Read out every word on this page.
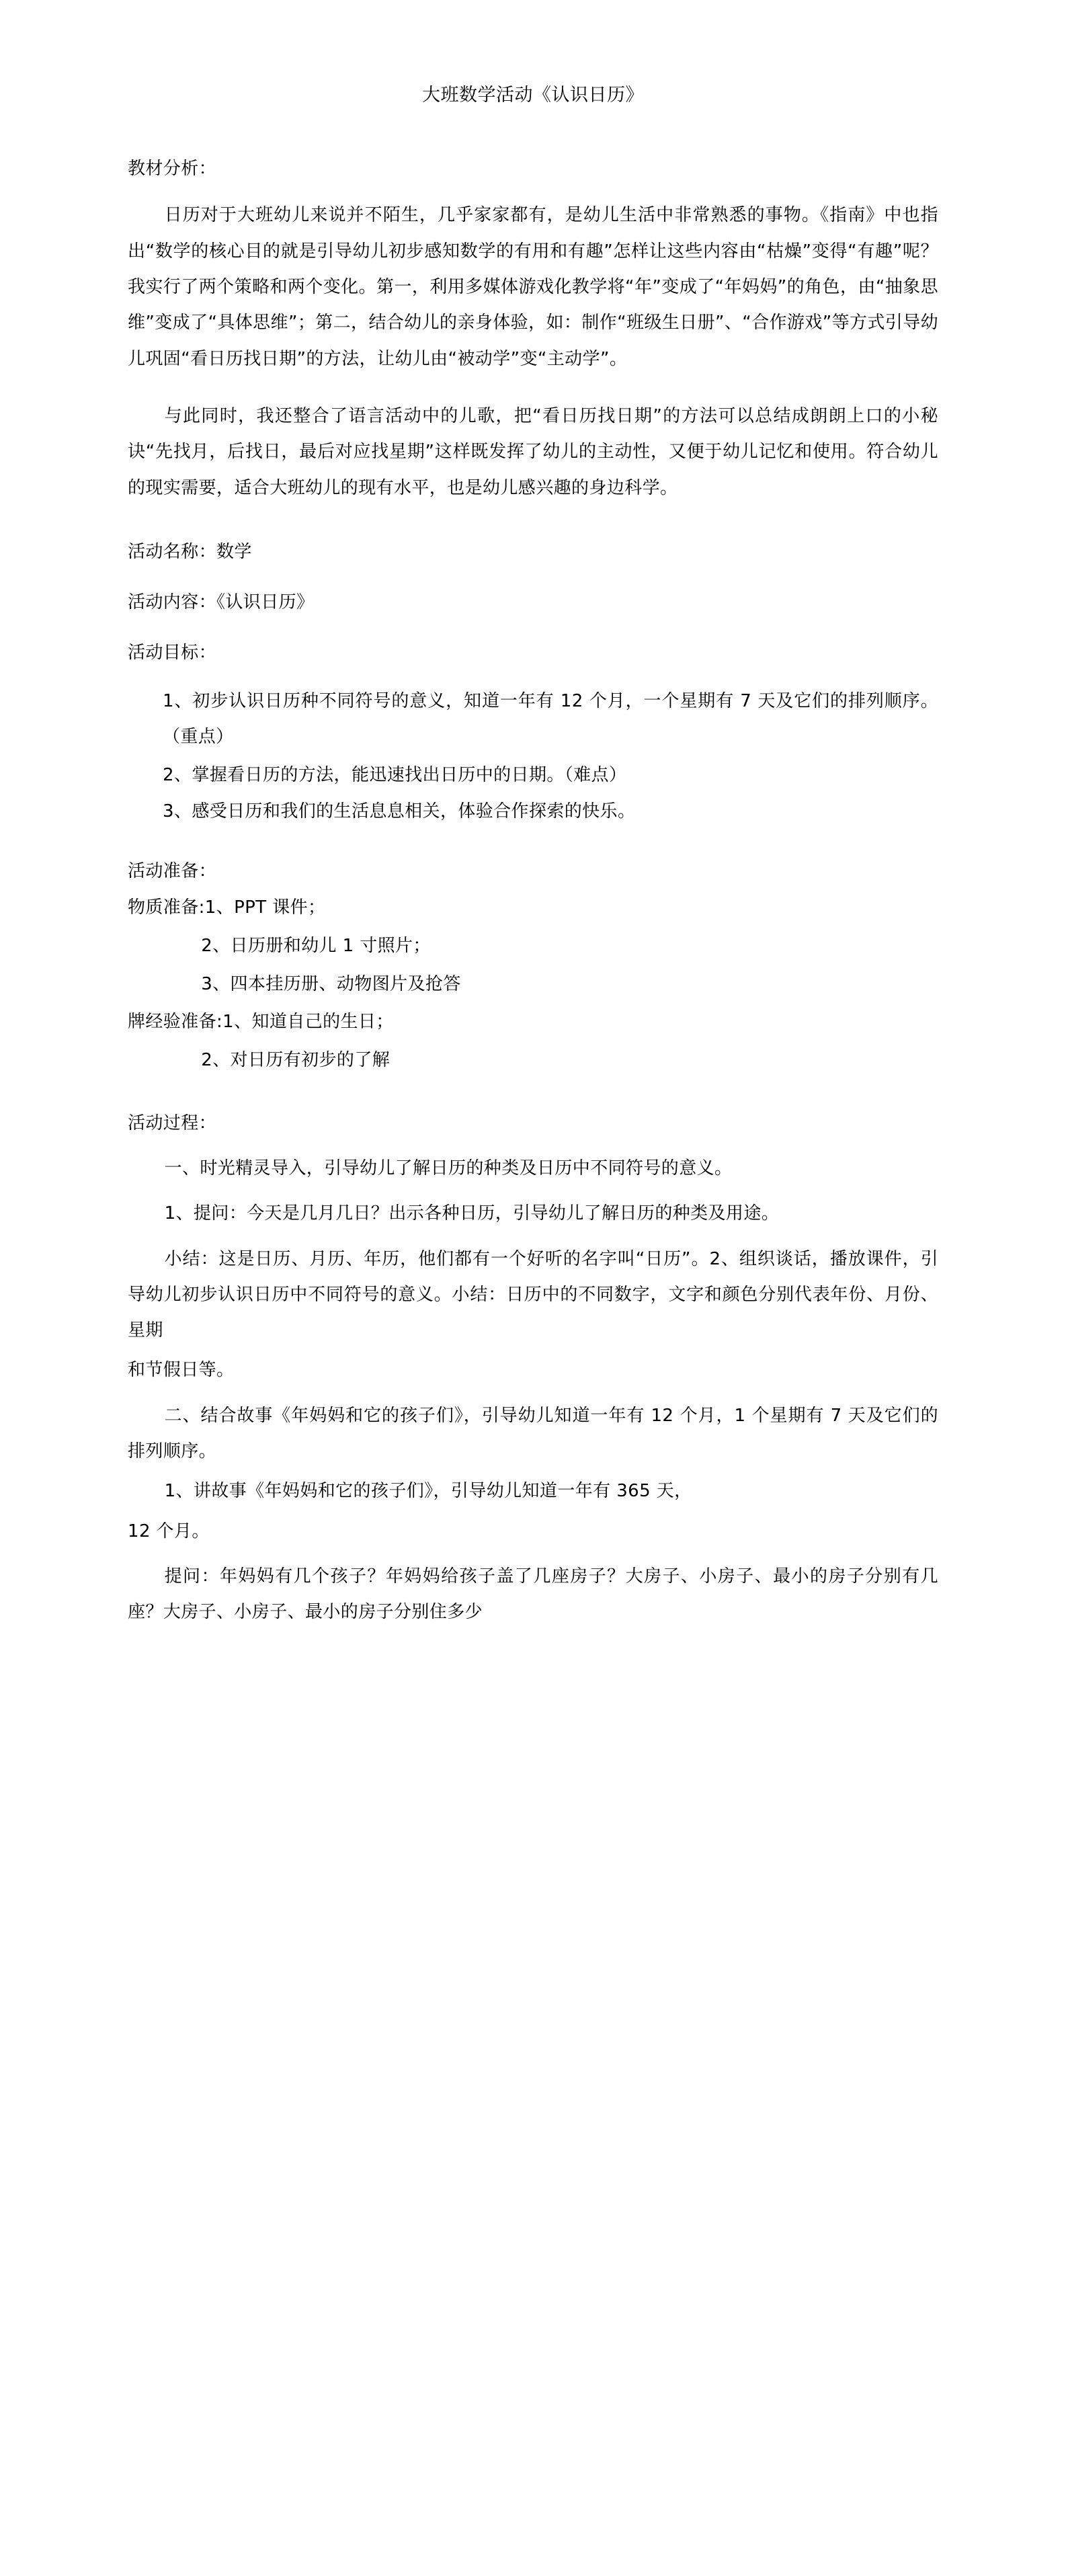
大班数学活动《认识日历》
教材分析：

日历对于大班幼儿来说并不陌生，几乎家家都有，是幼儿生活中非常熟悉的事物。《指南》中也指出“数学的核心目的就是引导幼儿初步感知数学的有用和有趣”怎样让这些内容由“枯燥”变得“有趣”呢？我实行了两个策略和两个变化。第一，利用多媒体游戏化教学将“年”变成了“年妈妈”的角色，由“抽象思维”变成了“具体思维”；第二，结合幼儿的亲身体验，如：制作“班级生日册”、“合作游戏”等方式引导幼儿巩固“看日历找日期”的方法，让幼儿由“被动学”变“主动学”。

与此同时，我还整合了语言活动中的儿歌，把“看日历找日期”的方法可以总结成朗朗上口的小秘诀“先找月，后找日，最后对应找星期”这样既发挥了幼儿的主动性，又便于幼儿记忆和使用。符合幼儿的现实需要，适合大班幼儿的现有水平，也是幼儿感兴趣的身边科学。

活动名称：数学
活动内容：《认识日历》
活动目标：
1、初步认识日历种不同符号的意义，知道一年有 12 个月，一个星期有 7 天及它们的排列顺序。（重点）
2、掌握看日历的方法，能迅速找出日历中的日期。（难点）
3、感受日历和我们的生活息息相关，体验合作探索的快乐。
活动准备：
物质准备:1、PPT 课件；
2、日历册和幼儿 1 寸照片；
3、四本挂历册、动物图片及抢答
牌经验准备:1、知道自己的生日；
2、对日历有初步的了解
活动过程：

一、时光精灵导入，引导幼儿了解日历的种类及日历中不同符号的意义。

1、提问：今天是几月几日？出示各种日历，引导幼儿了解日历的种类及用途。

小结：这是日历、月历、年历，他们都有一个好听的名字叫“日历”。2、组织谈话，播放课件，引导幼儿初步认识日历中不同符号的意义。小结：日历中的不同数字，文字和颜色分别代表年份、月份、星期

和节假日等。

二、结合故事《年妈妈和它的孩子们》，引导幼儿知道一年有 12 个月，1 个星期有 7 天及它们的排列顺序。

1、讲故事《年妈妈和它的孩子们》，引导幼儿知道一年有 365 天，

12 个月。

提问：年妈妈有几个孩子？年妈妈给孩子盖了几座房子？大房子、小房子、最小的房子分别有几座？大房子、小房子、最小的房子分别住多少
